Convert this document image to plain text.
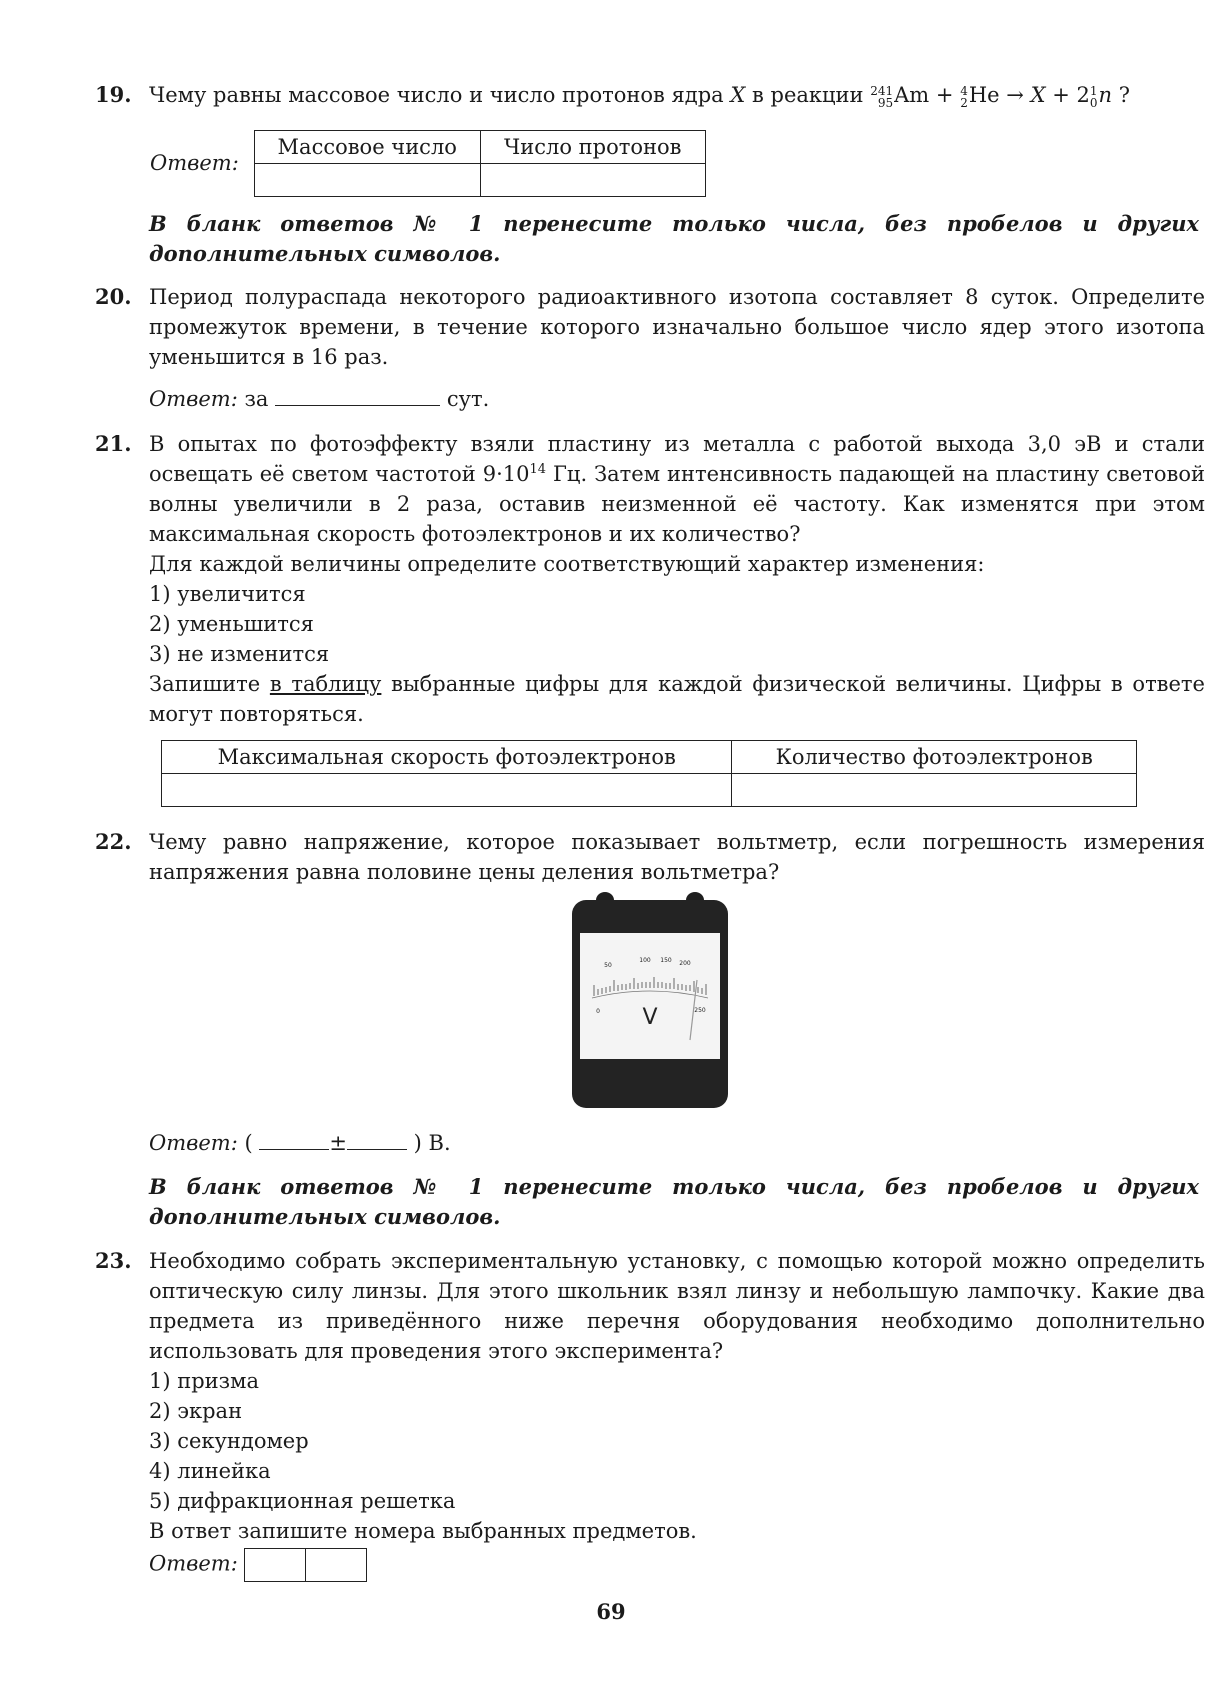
19. Чему равны массовое число и число протонов ядра X в реакции 241
95 Am + 4
2 He → X + 2 1
0 n ?
Ответ:
Массовое число	Число протонов

В бланк ответов № 1 перенесите только числа, без пробелов и других дополнительных символов.
20. Период полураспада некоторого радиоактивного изотопа составляет 8 суток. Определите промежуток времени, в течение которого изначально большое число ядер этого изотопа уменьшится в 16 раз.
Ответ: за	сут.
21. В опытах по фотоэффекту взяли пластину из металла с работой выхода 3,0 эВ и стали освещать её светом частотой $9\cdot 10^{14}$ Гц. Затем интенсивность падающей на пластину световой волны увеличили в 2 раза, оставив неизменной её частоту. Как изменятся при этом максимальная скорость фотоэлектронов и их количество?
Для каждой величины определите соответствующий характер изменения:
1) увеличится
2) уменьшится
3) не изменится
Запишите в таблицу выбранные цифры для каждой физической величины. Цифры в ответе могут повторяться.
Максимальная скорость фотоэлектронов	Количество фотоэлектронов

22. Чему равно напряжение, которое показывает вольтметр, если погрешность измерения напряжения равна половине цены деления вольтметра?
0
50
100 150 200
250
V
Ответ: (	±	) В.
В бланк ответов № 1 перенесите только числа, без пробелов и других дополнительных символов.
23. Необходимо собрать экспериментальную установку, с помощью которой можно определить оптическую силу линзы. Для этого школьник взял линзу и небольшую лампочку. Какие два предмета из приведённого ниже перечня оборудования необходимо дополнительно использовать для проведения этого эксперимента?
1) призма
2) экран
3) секундомер
4) линейка
5) дифракционная решетка
В ответ запишите номера выбранных предметов.
Ответ:
69
